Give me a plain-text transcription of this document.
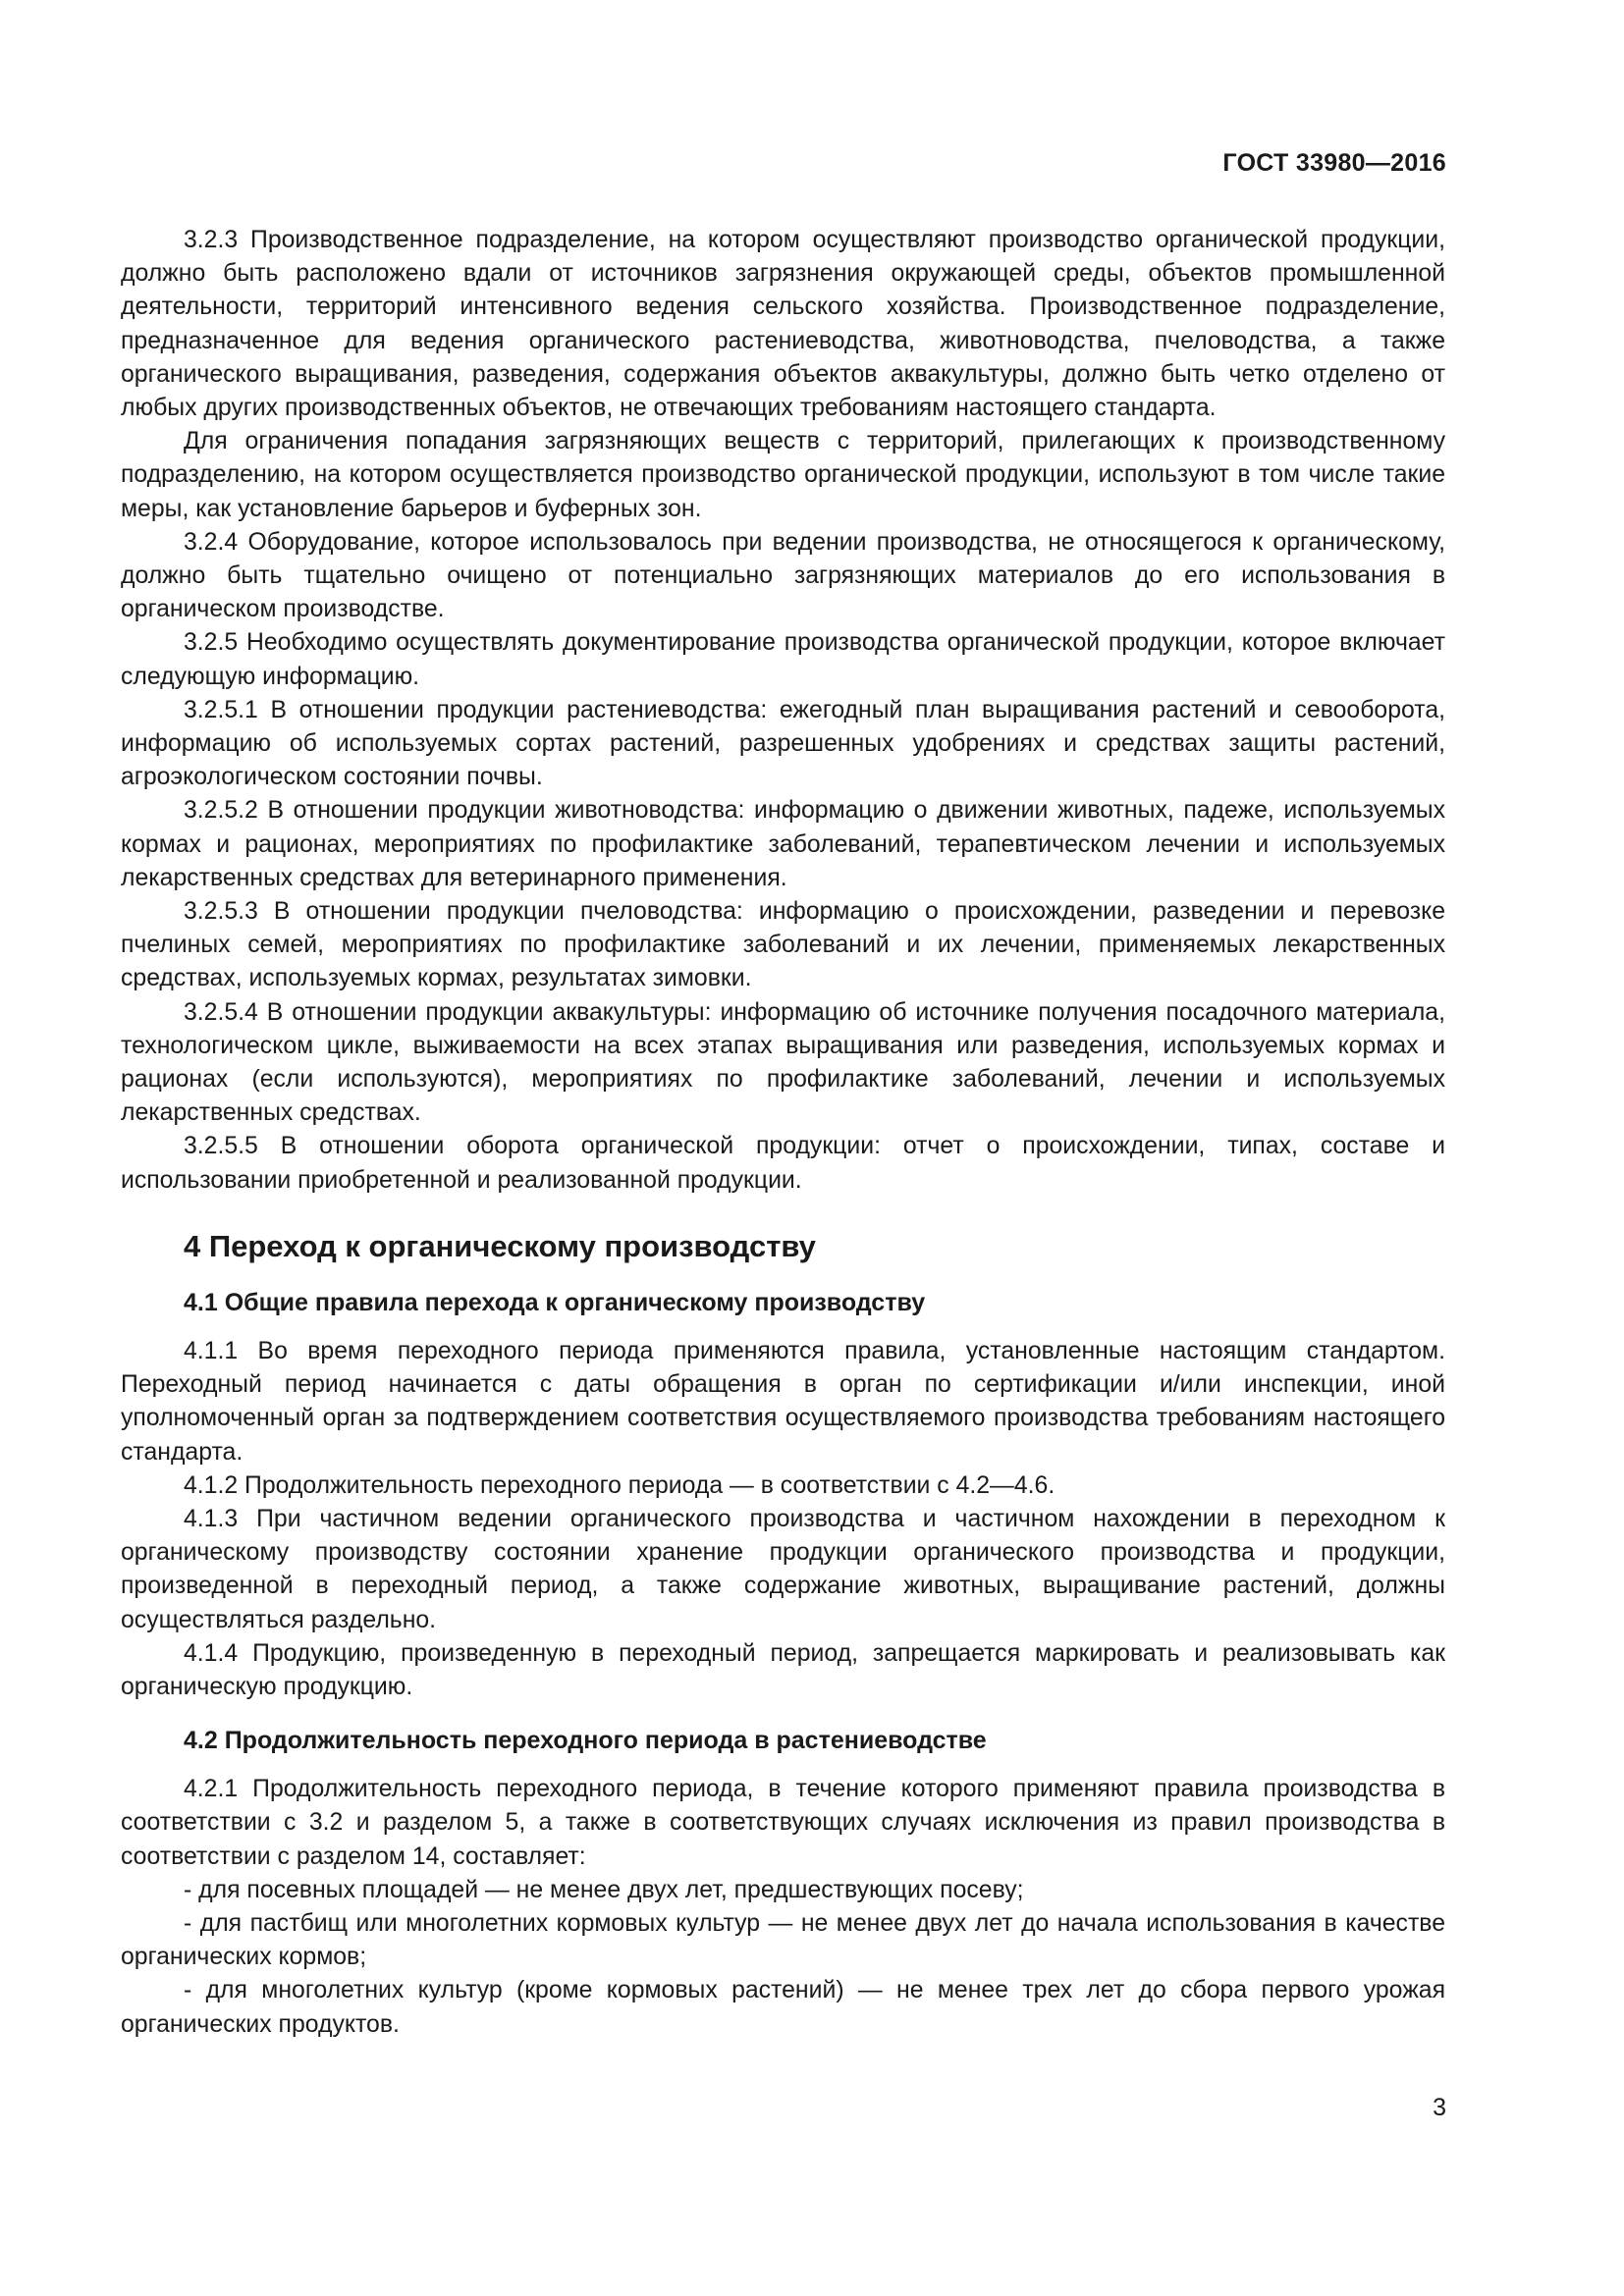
ГОСТ 33980—2016

3.2.3 Производственное подразделение, на котором осуществляют производство органической продукции, должно быть расположено вдали от источников загрязнения окружающей среды, объектов промышленной деятельности, территорий интенсивного ведения сельского хозяйства. Производственное подразделение, предназначенное для ведения органического растениеводства, животноводства, пчеловодства, а также органического выращивания, разведения, содержания объектов аквакультуры, должно быть четко отделено от любых других производственных объектов, не отвечающих требованиям настоящего стандарта.

Для ограничения попадания загрязняющих веществ с территорий, прилегающих к производственному подразделению, на котором осуществляется производство органической продукции, используют в том числе такие меры, как установление барьеров и буферных зон.

3.2.4 Оборудование, которое использовалось при ведении производства, не относящегося к органическому, должно быть тщательно очищено от потенциально загрязняющих материалов до его использования в органическом производстве.

3.2.5 Необходимо осуществлять документирование производства органической продукции, которое включает следующую информацию.

3.2.5.1 В отношении продукции растениеводства: ежегодный план выращивания растений и севооборота, информацию об используемых сортах растений, разрешенных удобрениях и средствах защиты растений, агроэкологическом состоянии почвы.

3.2.5.2 В отношении продукции животноводства: информацию о движении животных, падеже, используемых кормах и рационах, мероприятиях по профилактике заболеваний, терапевтическом лечении и используемых лекарственных средствах для ветеринарного применения.

3.2.5.3 В отношении продукции пчеловодства: информацию о происхождении, разведении и перевозке пчелиных семей, мероприятиях по профилактике заболеваний и их лечении, применяемых лекарственных средствах, используемых кормах, результатах зимовки.

3.2.5.4 В отношении продукции аквакультуры: информацию об источнике получения посадочного материала, технологическом цикле, выживаемости на всех этапах выращивания или разведения, используемых кормах и рационах (если используются), мероприятиях по профилактике заболеваний, лечении и используемых лекарственных средствах.

3.2.5.5 В отношении оборота органической продукции: отчет о происхождении, типах, составе и использовании приобретенной и реализованной продукции.

4 Переход к органическому производству
4.1 Общие правила перехода к органическому производству

4.1.1 Во время переходного периода применяются правила, установленные настоящим стандартом. Переходный период начинается с даты обращения в орган по сертификации и/или инспекции, иной уполномоченный орган за подтверждением соответствия осуществляемого производства требованиям настоящего стандарта.

4.1.2 Продолжительность переходного периода — в соответствии с 4.2—4.6.

4.1.3 При частичном ведении органического производства и частичном нахождении в переходном к органическому производству состоянии хранение продукции органического производства и продукции, произведенной в переходный период, а также содержание животных, выращивание растений, должны осуществляться раздельно.

4.1.4 Продукцию, произведенную в переходный период, запрещается маркировать и реализовывать как органическую продукцию.

4.2 Продолжительность переходного периода в растениеводстве

4.2.1 Продолжительность переходного периода, в течение которого применяют правила производства в соответствии с 3.2 и разделом 5, а также в соответствующих случаях исключения из правил производства в соответствии с разделом 14, составляет:

- для посевных площадей — не менее двух лет, предшествующих посеву;

- для пастбищ или многолетних кормовых культур — не менее двух лет до начала использования в качестве органических кормов;

- для многолетних культур (кроме кормовых растений) — не менее трех лет до сбора первого урожая органических продуктов.

3
